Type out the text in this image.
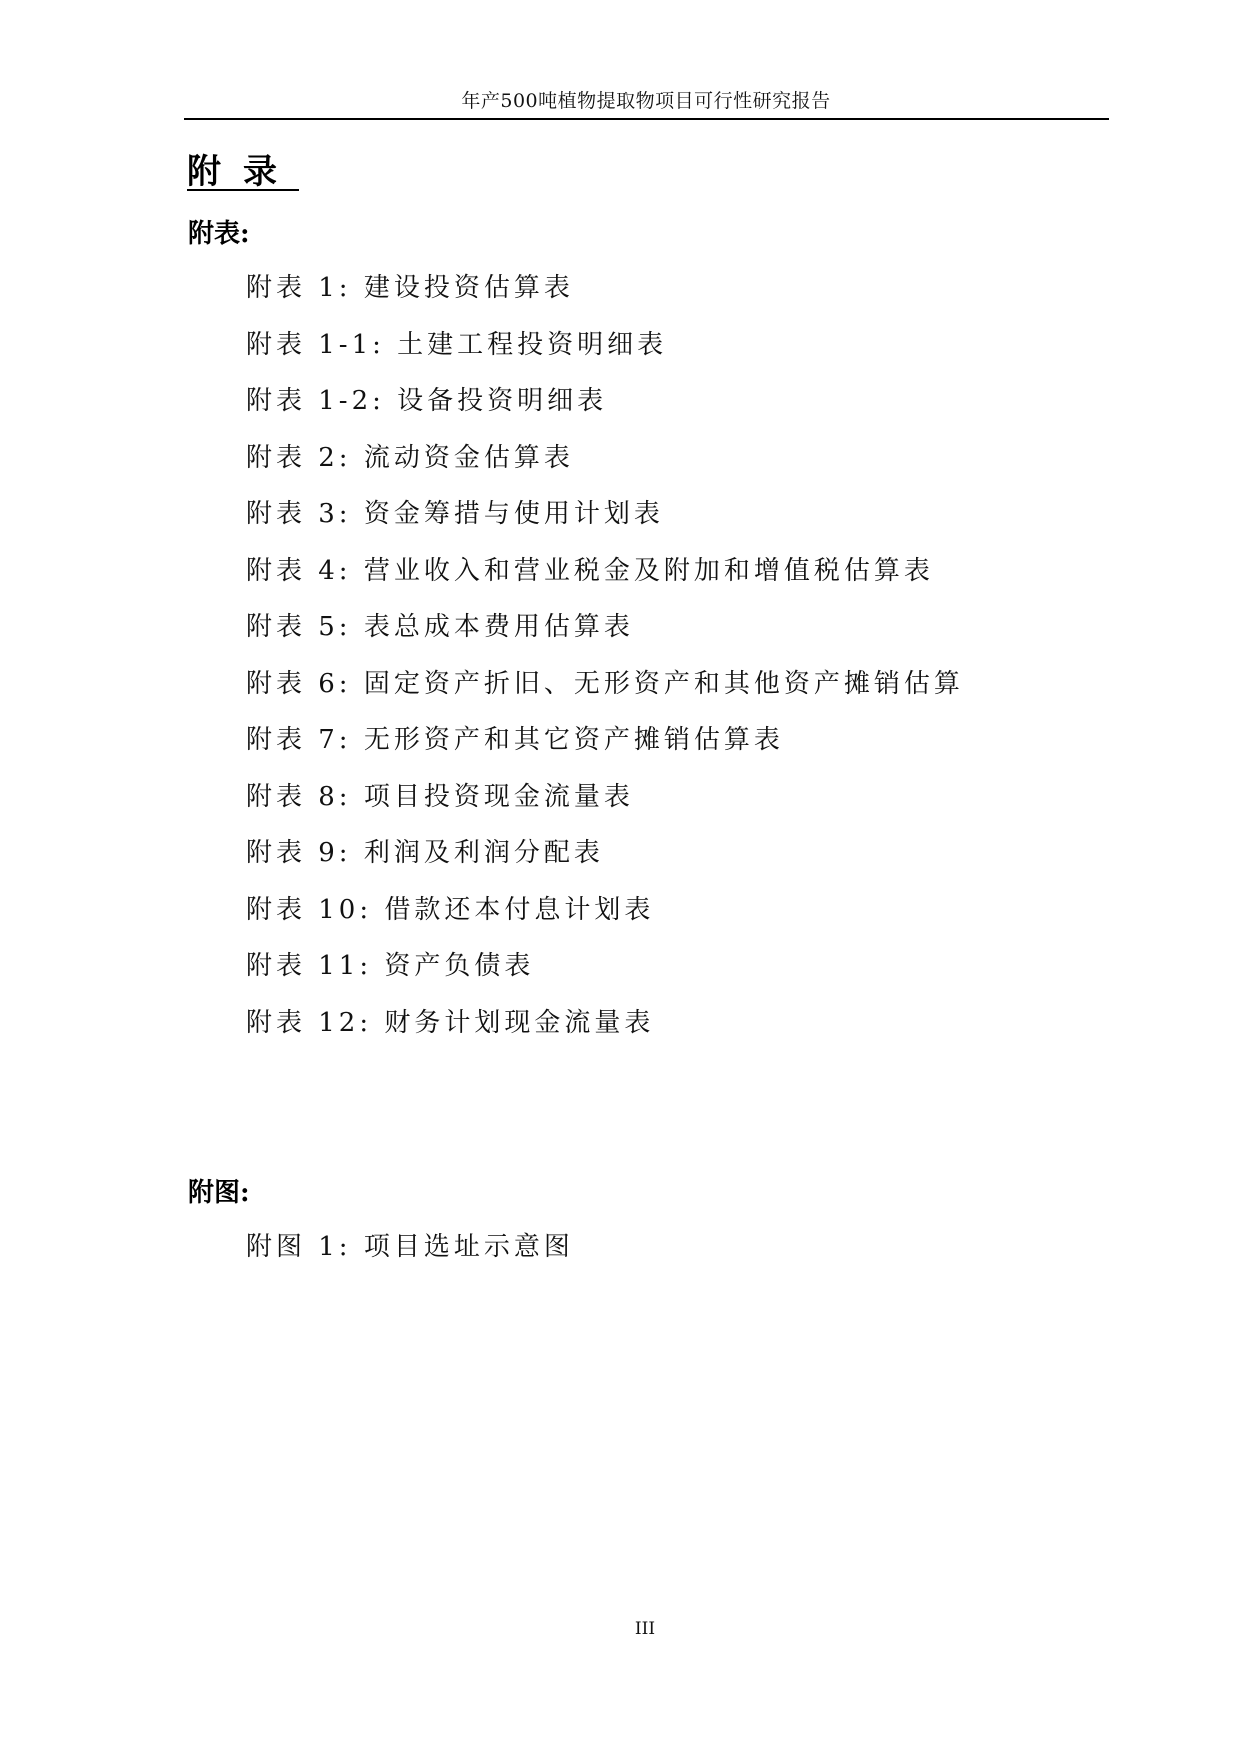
年产500吨植物提取物项目可行性研究报告
附录
附表:
附表 1: 建设投资估算表
附表 1-1: 土建工程投资明细表
附表 1-2: 设备投资明细表
附表 2: 流动资金估算表
附表 3: 资金筹措与使用计划表
附表 4: 营业收入和营业税金及附加和增值税估算表
附表 5: 表总成本费用估算表
附表 6: 固定资产折旧、无形资产和其他资产摊销估算
附表 7: 无形资产和其它资产摊销估算表
附表 8: 项目投资现金流量表
附表 9: 利润及利润分配表
附表 10: 借款还本付息计划表
附表 11: 资产负债表
附表 12: 财务计划现金流量表
附图:
附图 1: 项目选址示意图
III
